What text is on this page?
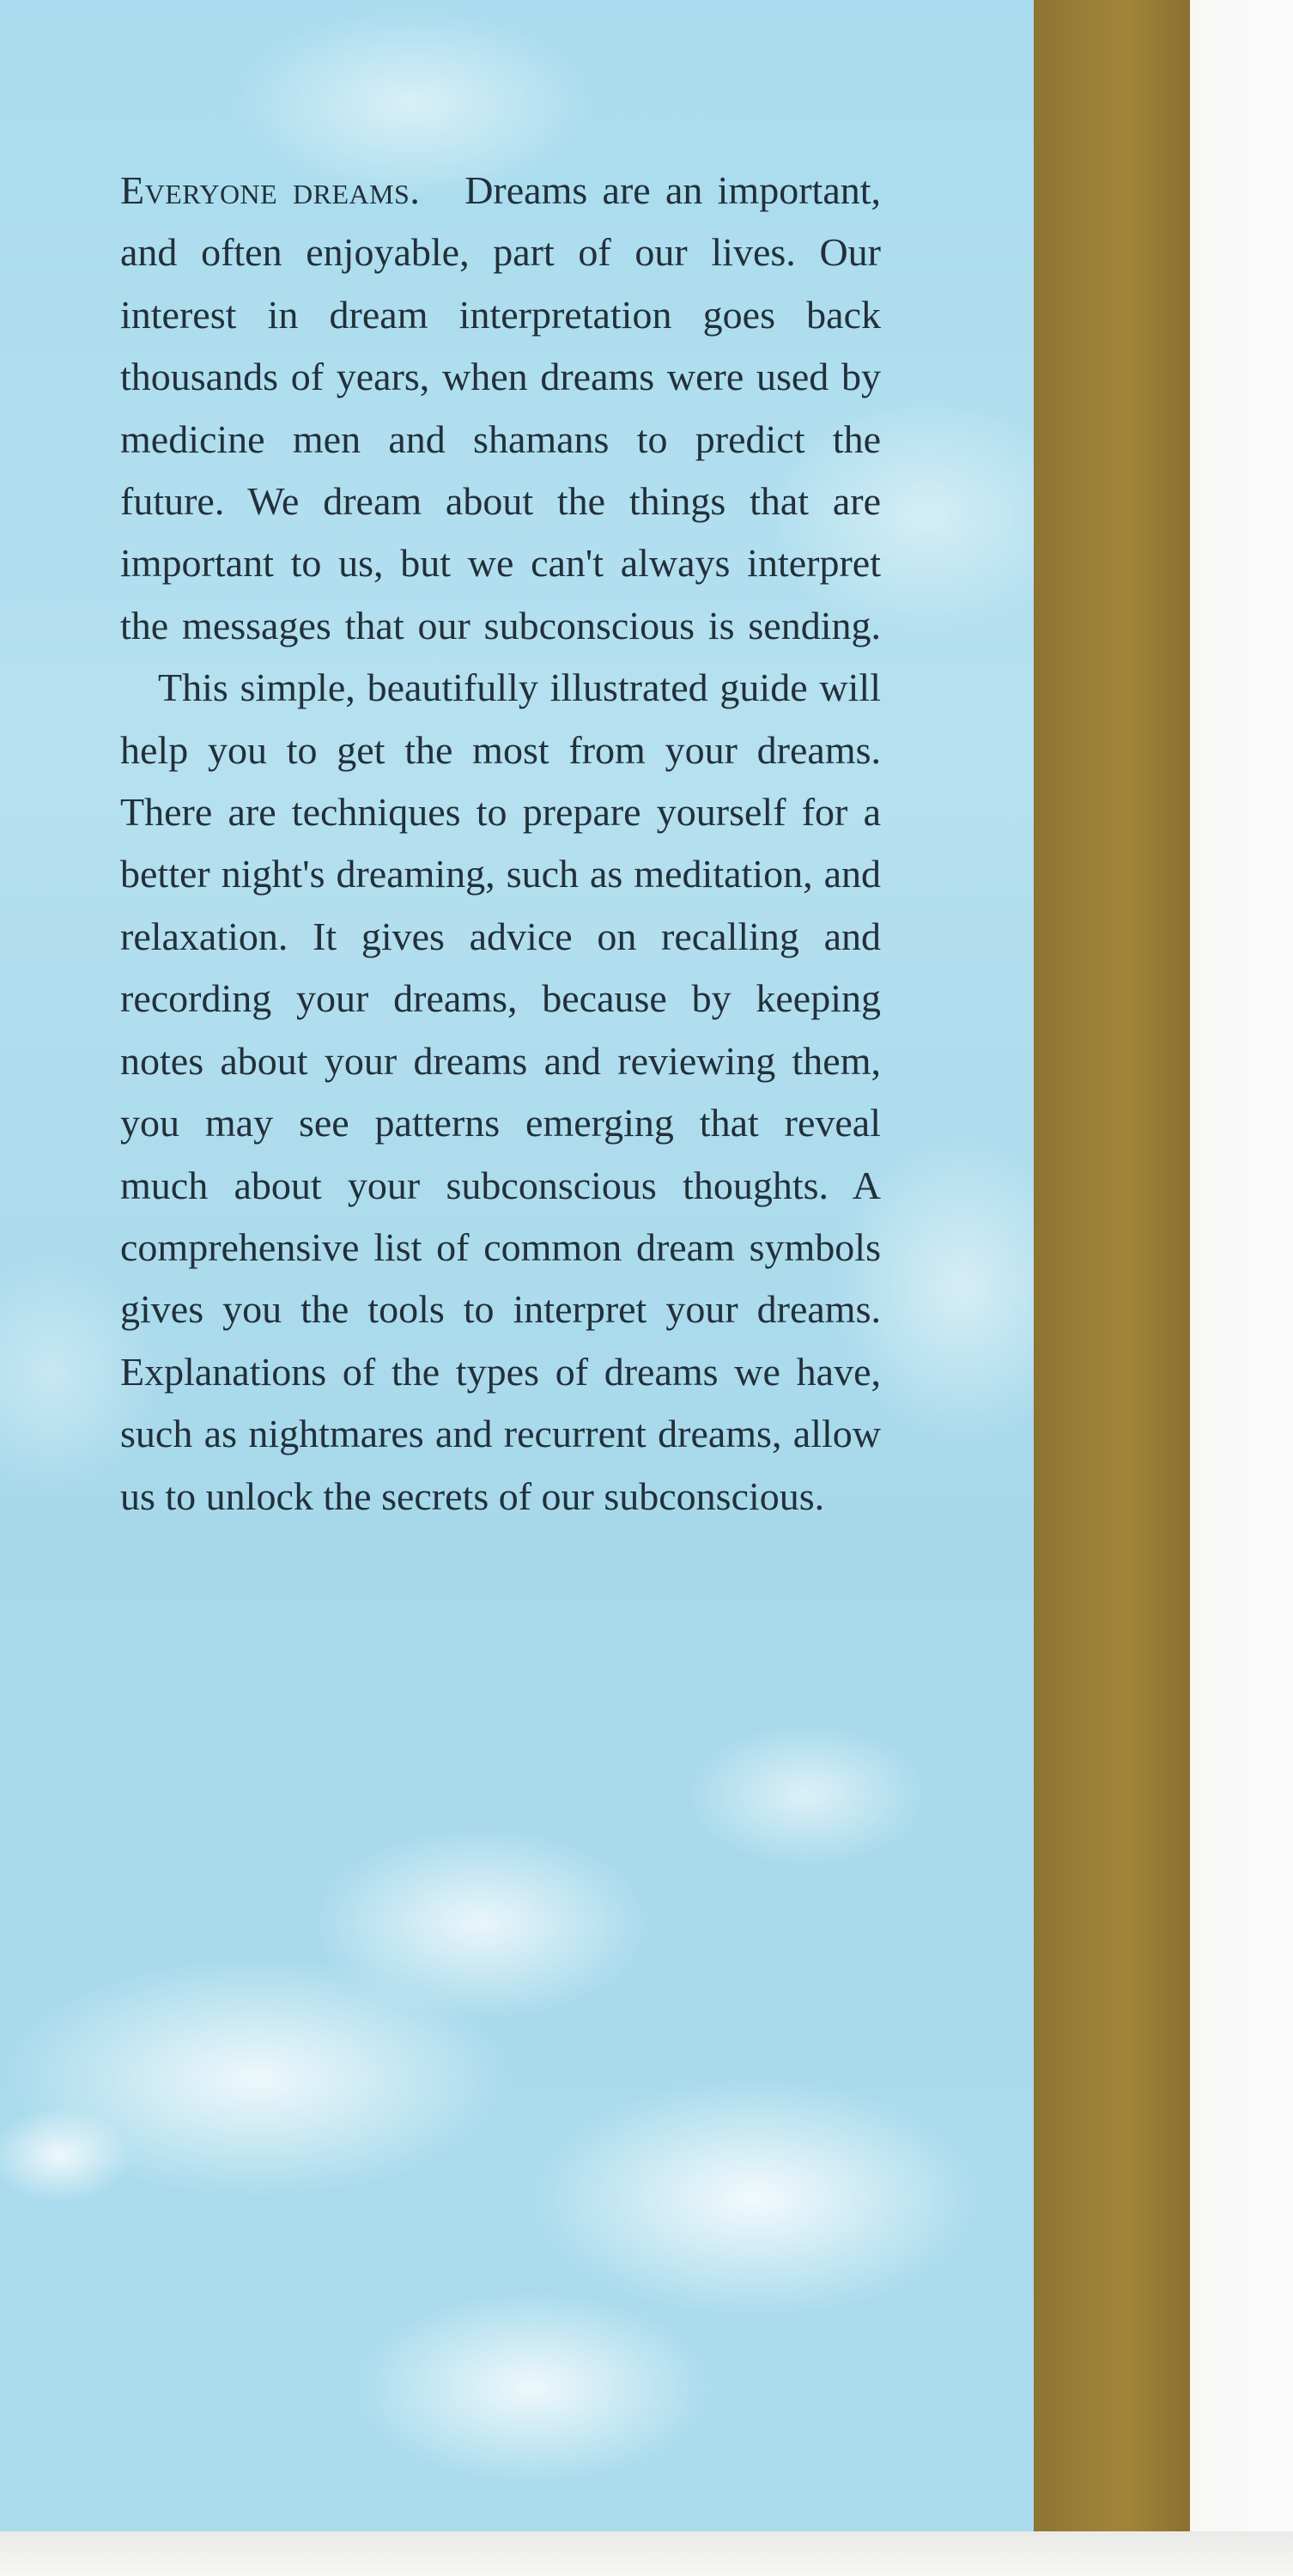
Everyone dreams. Dreams are an important, and often enjoyable, part of our lives. Our interest in dream interpretation goes back thousands of years, when dreams were used by medicine men and shamans to predict the future. We dream about the things that are important to us, but we can't always interpret the messages that our subconscious is sending.

This simple, beautifully illustrated guide will help you to get the most from your dreams. There are techniques to prepare yourself for a better night's dreaming, such as meditation, and relaxation. It gives advice on recalling and recording your dreams, because by keeping notes about your dreams and reviewing them, you may see patterns emerging that reveal much about your subconscious thoughts. A comprehensive list of common dream symbols gives you the tools to interpret your dreams. Explanations of the types of dreams we have, such as nightmares and recurrent dreams, allow us to unlock the secrets of our subconscious.
